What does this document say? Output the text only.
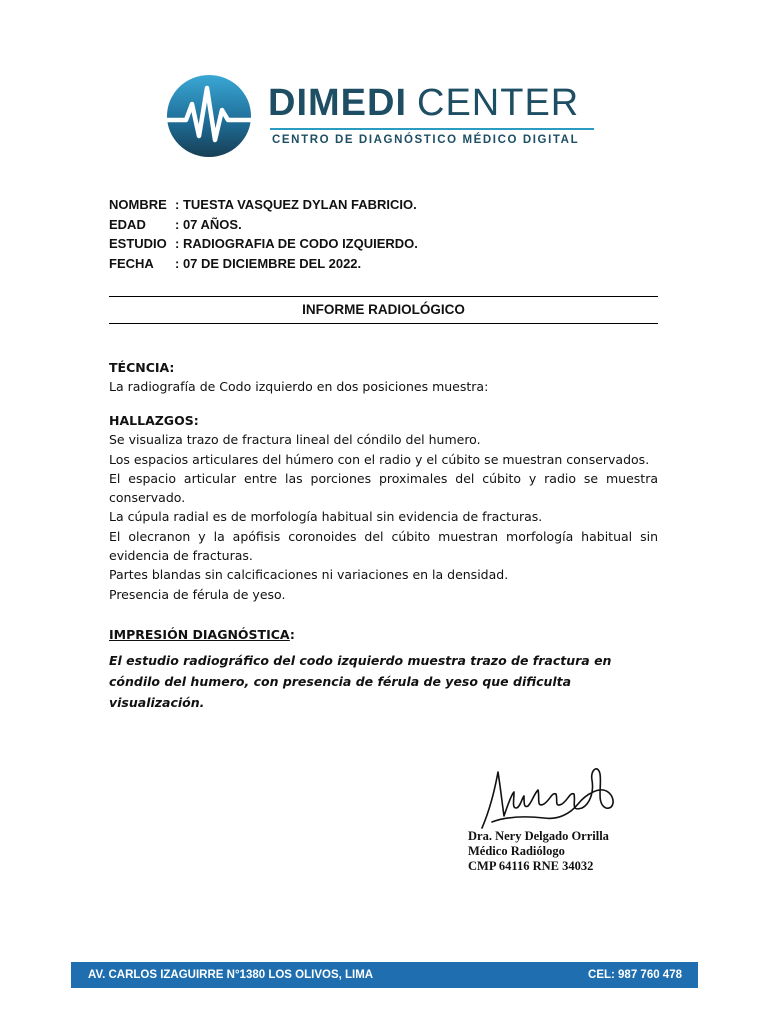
DIMEDI CENTER
CENTRO DE DIAGNÓSTICO MÉDICO DIGITAL
NOMBRE : TUESTA VASQUEZ DYLAN FABRICIO.
EDAD	: 07 AÑOS.
ESTUDIO : RADIOGRAFIA DE CODO IZQUIERDO.
FECHA	: 07 DE DICIEMBRE DEL 2022.
INFORME RADIOLÓGICO
TÉCNCIA:
La radiografía de Codo izquierdo en dos posiciones muestra:
HALLAZGOS:
Se visualiza trazo de fractura lineal del cóndilo del humero.
Los espacios articulares del húmero con el radio y el cúbito se muestran conservados.
El espacio articular entre las porciones proximales del cúbito y radio se muestra conservado.
La cúpula radial es de morfología habitual sin evidencia de fracturas.
El olecranon y la apófisis coronoides del cúbito muestran morfología habitual sin evidencia de fracturas.
Partes blandas sin calcificaciones ni variaciones en la densidad.
Presencia de férula de yeso.
IMPRESIÓN DIAGNÓSTICA:
El estudio radiográfico del codo izquierdo muestra trazo de fractura en cóndilo del humero, con presencia de férula de yeso que dificulta visualización.
Dra. Nery Delgado Orrilla
Médico Radiólogo
CMP 64116 RNE 34032
AV. CARLOS IZAGUIRRE N°1380 LOS OLIVOS, LIMA	CEL: 987 760 478
